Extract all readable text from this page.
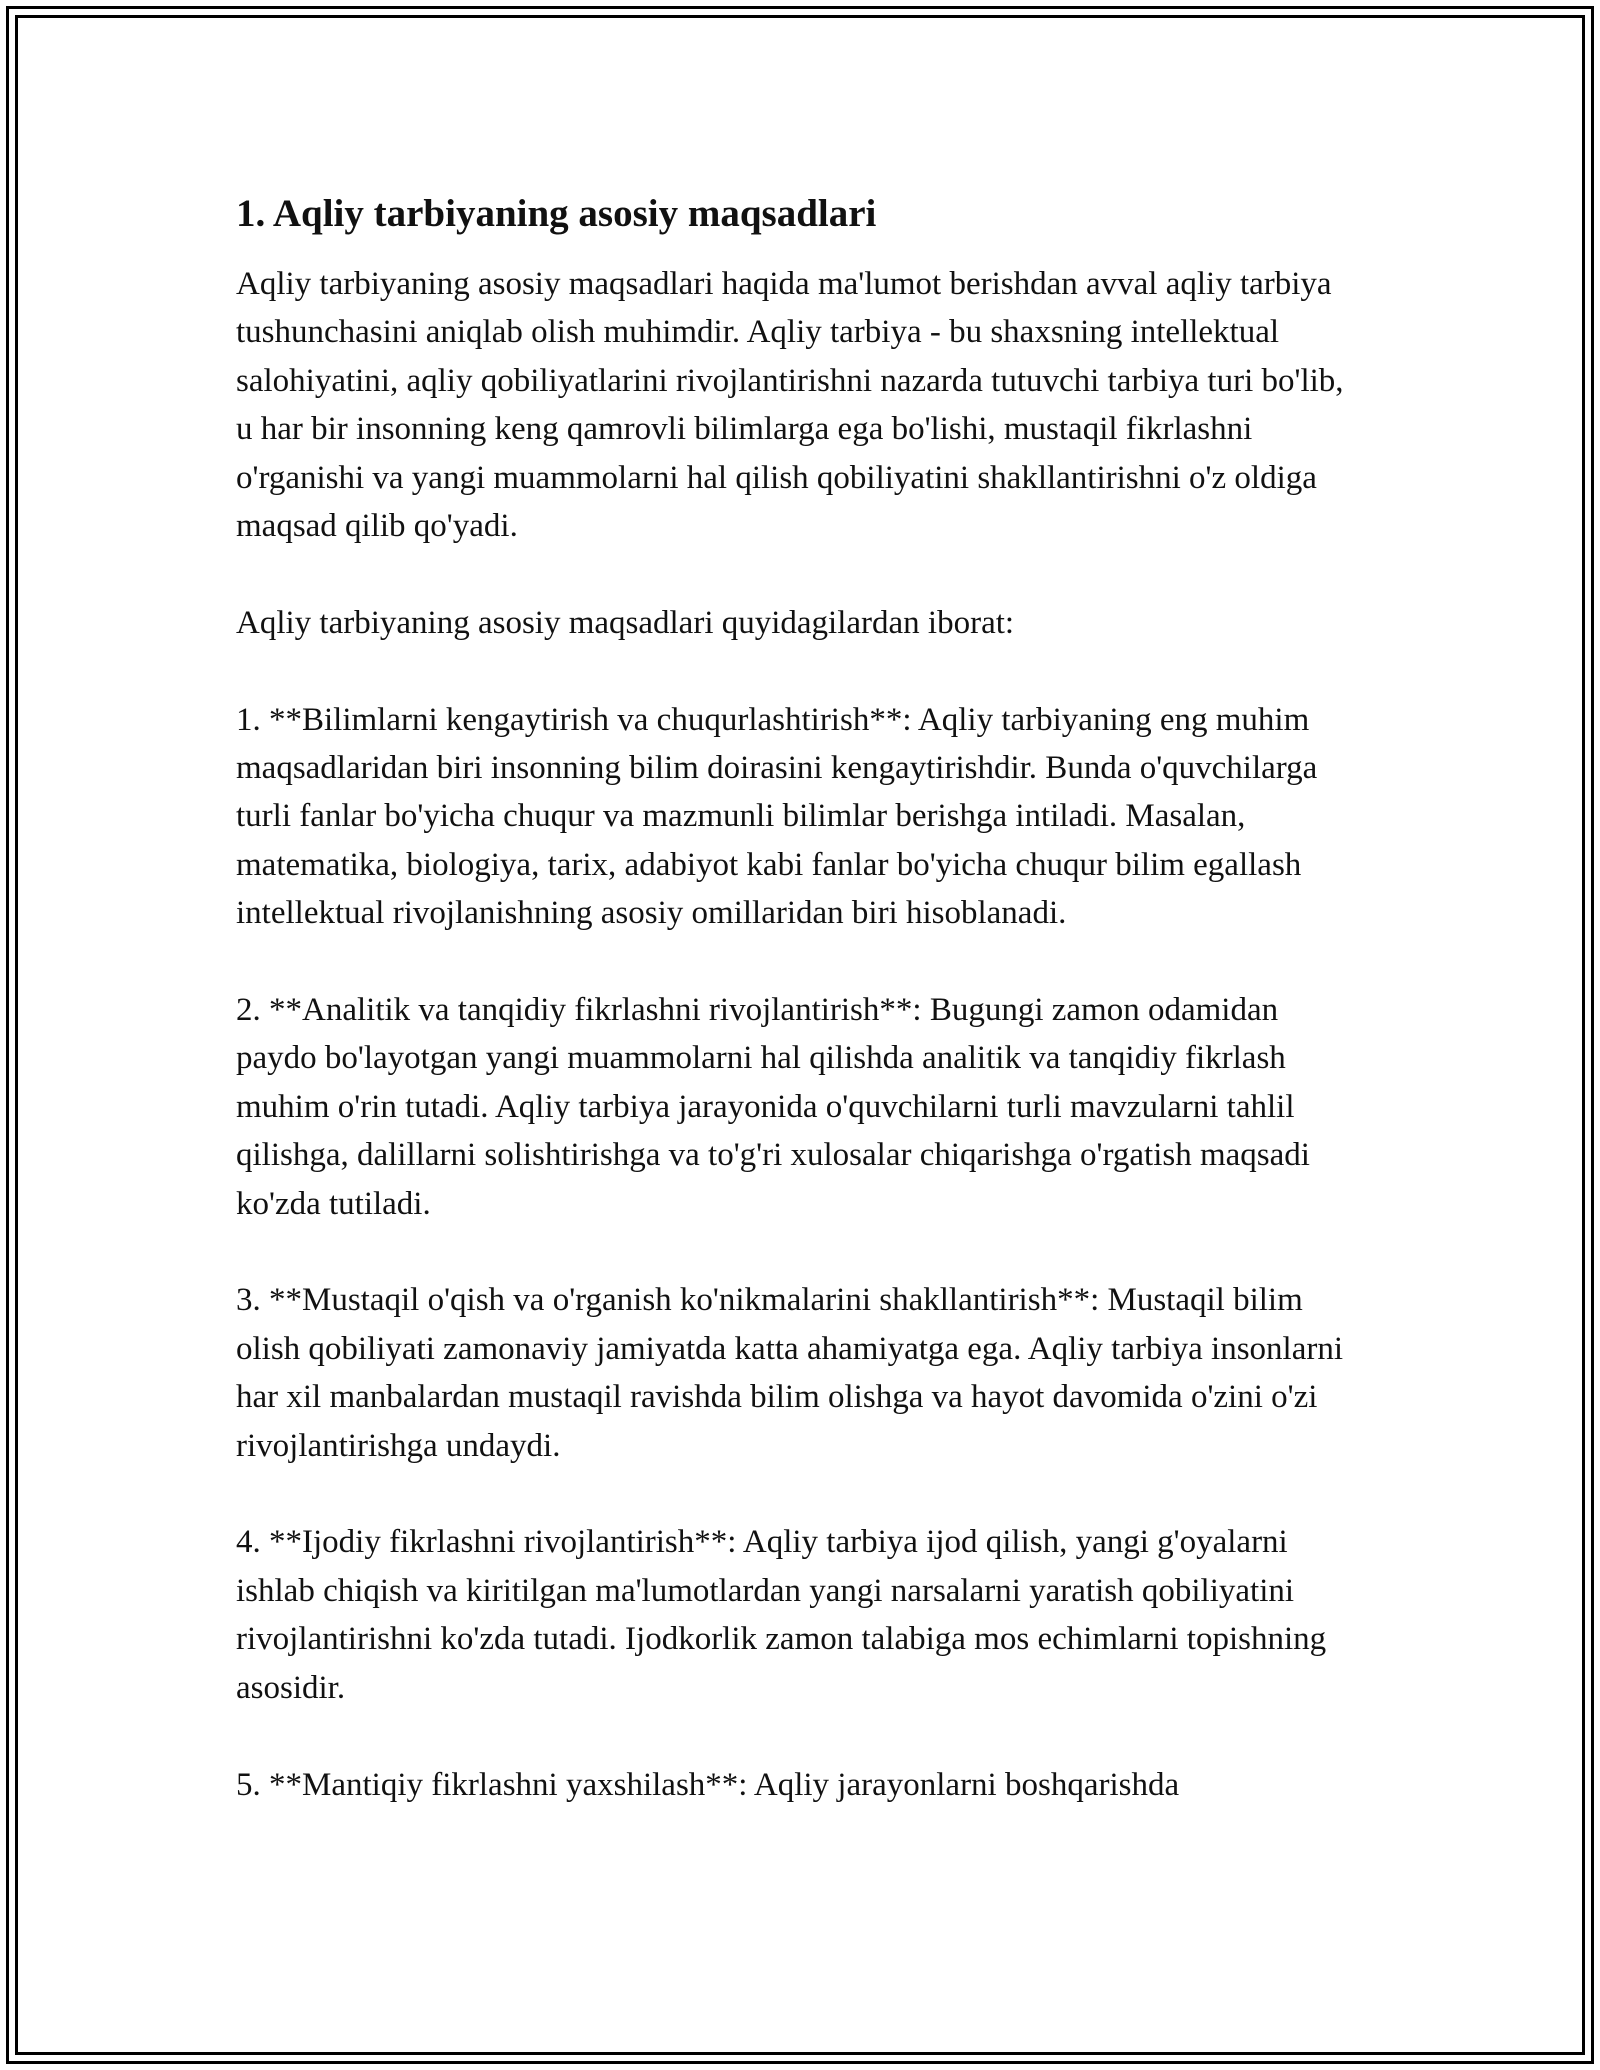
1. Aqliy tarbiyaning asosiy maqsadlari

Aqliy tarbiyaning asosiy maqsadlari haqida ma'lumot berishdan avval aqliy tarbiya tushunchasini aniqlab olish muhimdir. Aqliy tarbiya - bu shaxsning intellektual salohiyatini, aqliy qobiliyatlarini rivojlantirishni nazarda tutuvchi tarbiya turi bo'lib, u har bir insonning keng qamrovli bilimlarga ega bo'lishi, mustaqil fikrlashni o'rganishi va yangi muammolarni hal qilish qobiliyatini shakllantirishni o'z oldiga maqsad qilib qo'yadi.

Aqliy tarbiyaning asosiy maqsadlari quyidagilardan iborat:

1. **Bilimlarni kengaytirish va chuqurlashtirish**: Aqliy tarbiyaning eng muhim maqsadlaridan biri insonning bilim doirasini kengaytirishdir. Bunda o'quvchilarga turli fanlar bo'yicha chuqur va mazmunli bilimlar berishga intiladi. Masalan, matematika, biologiya, tarix, adabiyot kabi fanlar bo'yicha chuqur bilim egallash intellektual rivojlanishning asosiy omillaridan biri hisoblanadi.

2. **Analitik va tanqidiy fikrlashni rivojlantirish**: Bugungi zamon odamidan paydo bo'layotgan yangi muammolarni hal qilishda analitik va tanqidiy fikrlash muhim o'rin tutadi. Aqliy tarbiya jarayonida o'quvchilarni turli mavzularni tahlil qilishga, dalillarni solishtirishga va to'g'ri xulosalar chiqarishga o'rgatish maqsadi ko'zda tutiladi.

3. **Mustaqil o'qish va o'rganish ko'nikmalarini shakllantirish**: Mustaqil bilim olish qobiliyati zamonaviy jamiyatda katta ahamiyatga ega. Aqliy tarbiya insonlarni har xil manbalardan mustaqil ravishda bilim olishga va hayot davomida o'zini o'zi rivojlantirishga undaydi.

4. **Ijodiy fikrlashni rivojlantirish**: Aqliy tarbiya ijod qilish, yangi g'oyalarni ishlab chiqish va kiritilgan ma'lumotlardan yangi narsalarni yaratish qobiliyatini rivojlantirishni ko'zda tutadi. Ijodkorlik zamon talabiga mos echimlarni topishning asosidir.

5. **Mantiqiy fikrlashni yaxshilash**: Aqliy jarayonlarni boshqarishda
